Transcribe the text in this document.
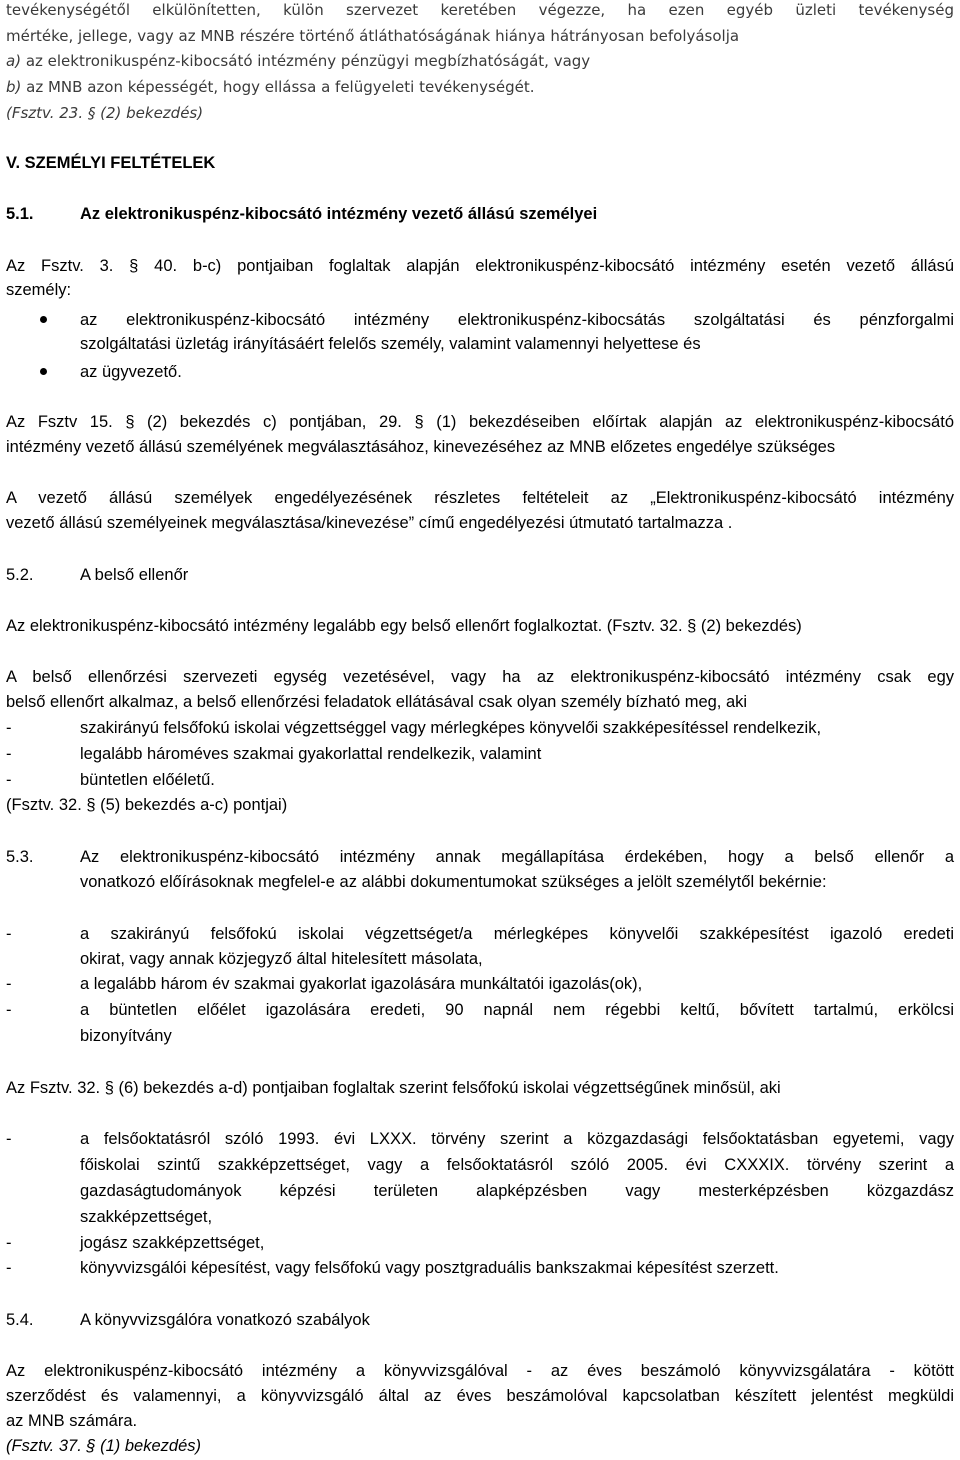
tevékenységétől elkülönítetten, külön szervezet keretében végezze, ha ezen egyéb üzleti tevékenység
mértéke, jellege, vagy az MNB részére történő átláthatóságának hiánya hátrányosan befolyásolja
a) az elektronikuspénz-kibocsátó intézmény pénzügyi megbízhatóságát, vagy
b) az MNB azon képességét, hogy ellássa a felügyeleti tevékenységét.
(Fsztv. 23. § (2) bekezdés)
V. SZEMÉLYI FELTÉTELEK
5.1.	Az elektronikuspénz-kibocsátó intézmény vezető állású személyei
Az Fsztv. 3. § 40. b-c) pontjaiban foglaltak alapján elektronikuspénz-kibocsátó intézmény esetén vezető állású
személy:
az elektronikuspénz-kibocsátó intézmény elektronikuspénz-kibocsátás szolgáltatási és pénzforgalmi
szolgáltatási üzletág irányításáért felelős személy, valamint valamennyi helyettese és
az ügyvezető.
Az Fsztv 15. § (2) bekezdés c) pontjában, 29. § (1) bekezdéseiben előírtak alapján az elektronikuspénz-kibocsátó
intézmény vezető állású személyének megválasztásához, kinevezéséhez az MNB előzetes engedélye szükséges
A vezető állású személyek engedélyezésének részletes feltételeit az „Elektronikuspénz-kibocsátó intézmény
vezető állású személyeinek megválasztása/kinevezése” című engedélyezési útmutató tartalmazza .
5.2.	A belső ellenőr
Az elektronikuspénz-kibocsátó intézmény legalább egy belső ellenőrt foglalkoztat. (Fsztv. 32. § (2) bekezdés)
A belső ellenőrzési szervezeti egység vezetésével, vagy ha az elektronikuspénz-kibocsátó intézmény csak egy
belső ellenőrt alkalmaz, a belső ellenőrzési feladatok ellátásával csak olyan személy bízható meg, aki
-	szakirányú felsőfokú iskolai végzettséggel vagy mérlegképes könyvelői szakképesítéssel rendelkezik,
-	legalább hároméves szakmai gyakorlattal rendelkezik, valamint
-	büntetlen előéletű.
(Fsztv. 32. § (5) bekezdés a-c) pontjai)
5.3.	Az elektronikuspénz-kibocsátó intézmény annak megállapítása érdekében, hogy a belső ellenőr a
vonatkozó előírásoknak megfelel-e az alábbi dokumentumokat szükséges a jelölt személytől bekérnie:
-	a szakirányú felsőfokú iskolai végzettséget/a mérlegképes könyvelői szakképesítést igazoló eredeti
okirat, vagy annak közjegyző által hitelesített másolata,
-	a legalább három év szakmai gyakorlat igazolására munkáltatói igazolás(ok),
-	a büntetlen előélet igazolására eredeti, 90 napnál nem régebbi keltű, bővített tartalmú, erkölcsi
bizonyítvány
Az Fsztv. 32. § (6) bekezdés a-d) pontjaiban foglaltak szerint felsőfokú iskolai végzettségűnek minősül, aki
-	a felsőoktatásról szóló 1993. évi LXXX. törvény szerint a közgazdasági felsőoktatásban egyetemi, vagy
főiskolai szintű szakképzettséget, vagy a felsőoktatásról szóló 2005. évi CXXXIX. törvény szerint a
gazdaságtudományok képzési területen alapképzésben vagy mesterképzésben közgazdász
szakképzettséget,
-	jogász szakképzettséget,
-	könyvvizsgálói képesítést, vagy felsőfokú vagy posztgraduális bankszakmai képesítést szerzett.
5.4.	A könyvvizsgálóra vonatkozó szabályok
Az elektronikuspénz-kibocsátó intézmény a könyvvizsgálóval - az éves beszámoló könyvvizsgálatára - kötött
szerződést és valamennyi, a könyvvizsgáló által az éves beszámolóval kapcsolatban készített jelentést megküldi
az MNB számára.
(Fsztv. 37. § (1) bekezdés)
